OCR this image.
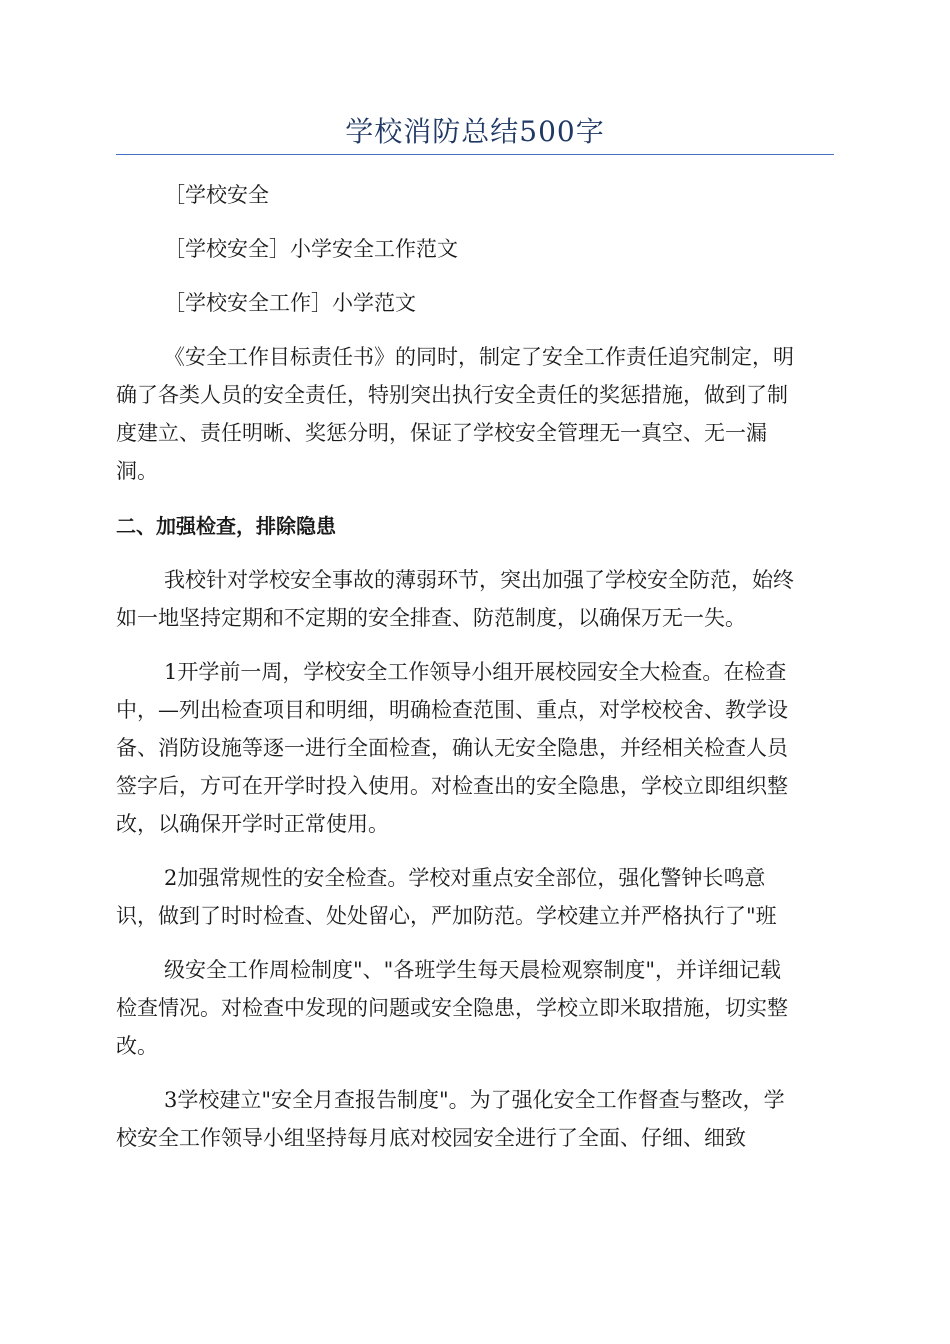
学校消防总结500字
［学校安全
［学校安全］小学安全工作范文
［学校安全工作］小学范文
《安全工作目标责任书》的同时，制定了安全工作责任追究制定，明
确了各类人员的安全责任，特别突出执行安全责任的奖惩措施，做到了制
度建立、责任明晰、奖惩分明，保证了学校安全管理无一真空、无一漏
洞。
二、加强检查，排除隐患
我校针对学校安全事故的薄弱环节，突出加强了学校安全防范，始终
如一地坚持定期和不定期的安全排查、防范制度，以确保万无一失。
1开学前一周，学校安全工作领导小组开展校园安全大检查。在检查
中，—列出检查项目和明细，明确检查范围、重点，对学校校舍、教学设
备、消防设施等逐一进行全面检查，确认无安全隐患，并经相关检查人员
签字后，方可在开学时投入使用。对检查出的安全隐患，学校立即组织整
改，以确保开学时正常使用。
2加强常规性的安全检查。学校对重点安全部位，强化警钟长鸣意
识，做到了时时检查、处处留心，严加防范。学校建立并严格执行了"班
级安全工作周检制度"、"各班学生每天晨检观察制度"，并详细记载
检查情况。对检查中发现的问题或安全隐患，学校立即米取措施，切实整
改。
3学校建立"安全月查报告制度"。为了强化安全工作督查与整改，学
校安全工作领导小组坚持每月底对校园安全进行了全面、仔细、细致
